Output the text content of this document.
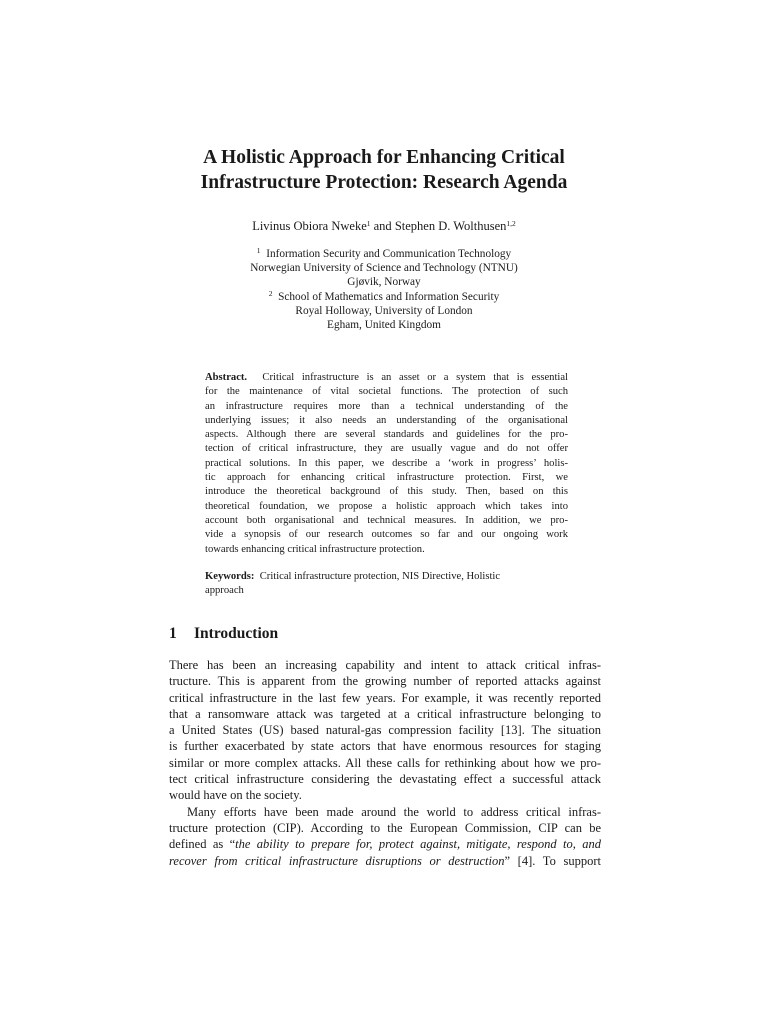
A Holistic Approach for Enhancing Critical
Infrastructure Protection: Research Agenda
Livinus Obiora Nweke$^1$ and Stephen D. Wolthusen$^{1,2}$
$^1$ Information Security and Communication Technology
Norwegian University of Science and Technology (NTNU)
Gjøvik, Norway
$^2$ School of Mathematics and Information Security
Royal Holloway, University of London
Egham, United Kingdom
Abstract. Critical infrastructure is an asset or a system that is essential
for the maintenance of vital societal functions. The protection of such
an infrastructure requires more than a technical understanding of the
underlying issues; it also needs an understanding of the organisational
aspects. Although there are several standards and guidelines for the pro-
tection of critical infrastructure, they are usually vague and do not offer
practical solutions. In this paper, we describe a ‘work in progress’ holis-
tic approach for enhancing critical infrastructure protection. First, we
introduce the theoretical background of this study. Then, based on this
theoretical foundation, we propose a holistic approach which takes into
account both organisational and technical measures. In addition, we pro-
vide a synopsis of our research outcomes so far and our ongoing work
towards enhancing critical infrastructure protection.
Keywords: Critical infrastructure protection, NIS Directive, Holistic
approach
1 Introduction
There has been an increasing capability and intent to attack critical infras-
tructure. This is apparent from the growing number of reported attacks against
critical infrastructure in the last few years. For example, it was recently reported
that a ransomware attack was targeted at a critical infrastructure belonging to
a United States (US) based natural-gas compression facility [13]. The situation
is further exacerbated by state actors that have enormous resources for staging
similar or more complex attacks. All these calls for rethinking about how we pro-
tect critical infrastructure considering the devastating effect a successful attack
would have on the society.
Many efforts have been made around the world to address critical infras-
tructure protection (CIP). According to the European Commission, CIP can be
defined as “the ability to prepare for, protect against, mitigate, respond to, and
recover from critical infrastructure disruptions or destruction” [4]. To support
